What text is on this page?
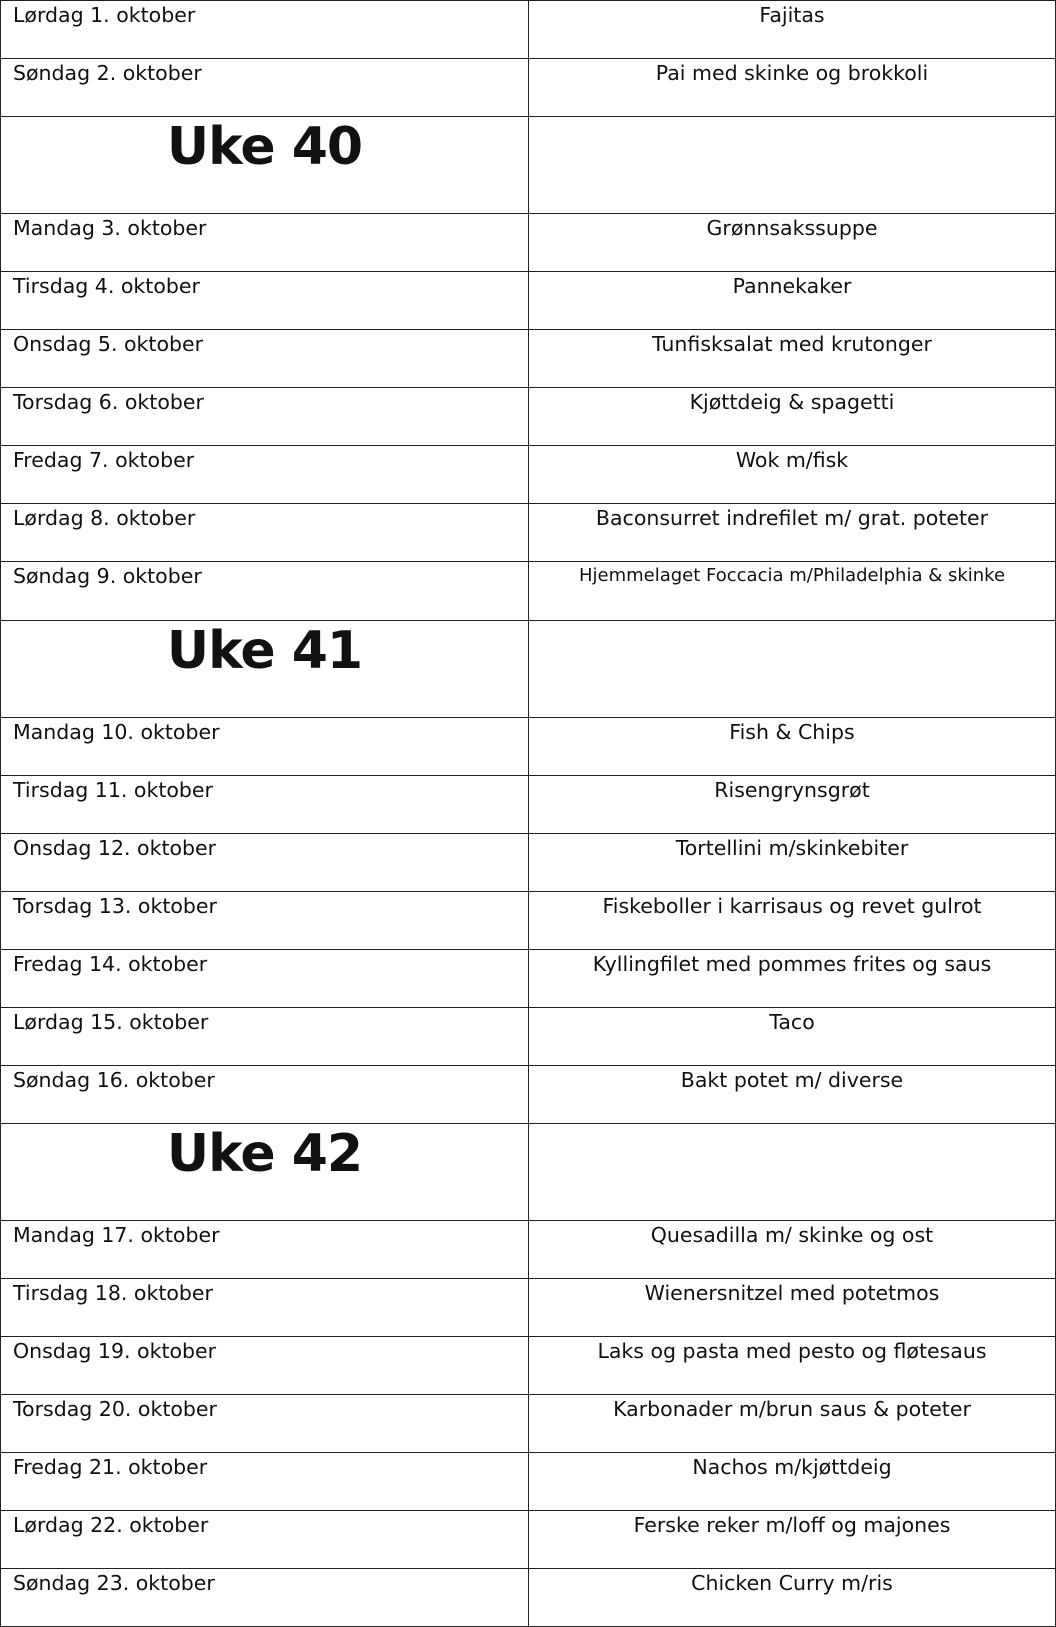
Lørdag 1. oktober	Fajitas
Søndag 2. oktober	Pai med skinke og brokkoli
Uke 40	
Mandag 3. oktober	Grønnsakssuppe
Tirsdag 4. oktober	Pannekaker
Onsdag 5. oktober	Tunfisksalat med krutonger
Torsdag 6. oktober	Kjøttdeig & spagetti
Fredag 7. oktober	Wok m/fisk
Lørdag 8. oktober	Baconsurret indrefilet m/ grat. poteter
Søndag 9. oktober	Hjemmelaget Foccacia m/Philadelphia & skinke
Uke 41	
Mandag 10. oktober	Fish & Chips
Tirsdag 11. oktober	Risengrynsgrøt
Onsdag 12. oktober	Tortellini m/skinkebiter
Torsdag 13. oktober	Fiskeboller i karrisaus og revet gulrot
Fredag 14. oktober	Kyllingfilet med pommes frites og saus
Lørdag 15. oktober	Taco
Søndag 16. oktober	Bakt potet m/ diverse
Uke 42	
Mandag 17. oktober	Quesadilla m/ skinke og ost
Tirsdag 18. oktober	Wienersnitzel med potetmos
Onsdag 19. oktober	Laks og pasta med pesto og fløtesaus
Torsdag 20. oktober	Karbonader m/brun saus & poteter
Fredag 21. oktober	Nachos m/kjøttdeig
Lørdag 22. oktober	Ferske reker m/loff og majones
Søndag 23. oktober	Chicken Curry m/ris
